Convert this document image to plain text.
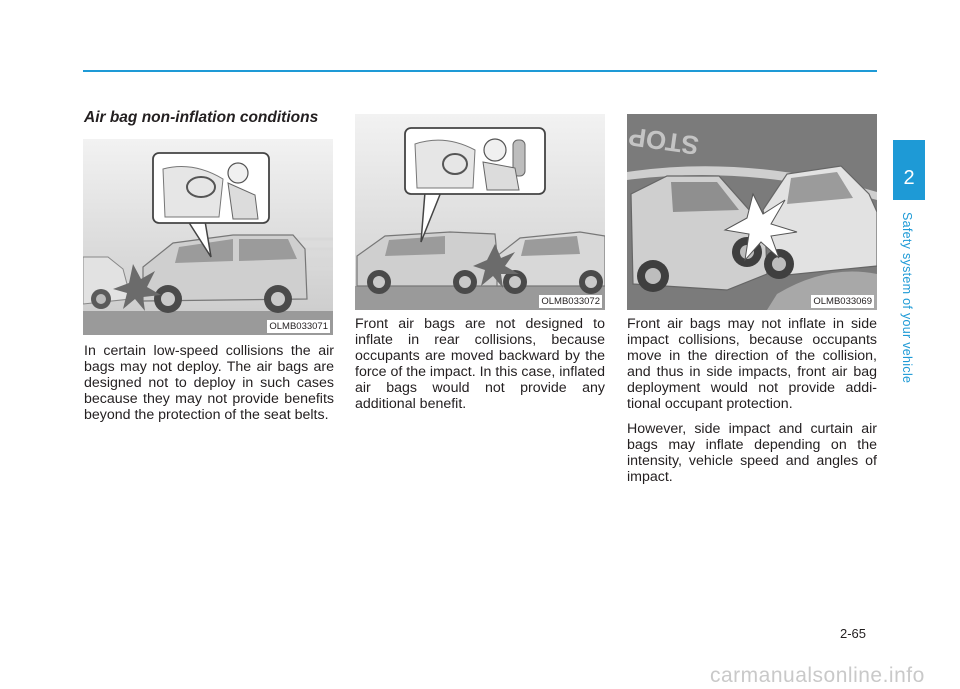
Air bag non-inflation conditions
OLMB033071
OLMB033072
STOP
OLMB033069

In certain low-speed collisions the air bags may not deploy. The air bags are designed not to deploy in such cases because they may not provide benefits beyond the protection of the seat belts.

Front air bags are not designed to inflate in rear collisions, because occupants are moved backward by the force of the impact. In this case, inflated air bags would not provide any additional benefit.

Front air bags may not inflate in side impact collisions, because occupants move in the direction of the collision, and thus in side impacts, front air bag deployment would not provide addi-tional occupant protection.

However, side impact and curtain air bags may inflate depending on the intensity, vehicle speed and angles of impact.

2
Safety system of your vehicle
2-65
carmanualsonline.info
